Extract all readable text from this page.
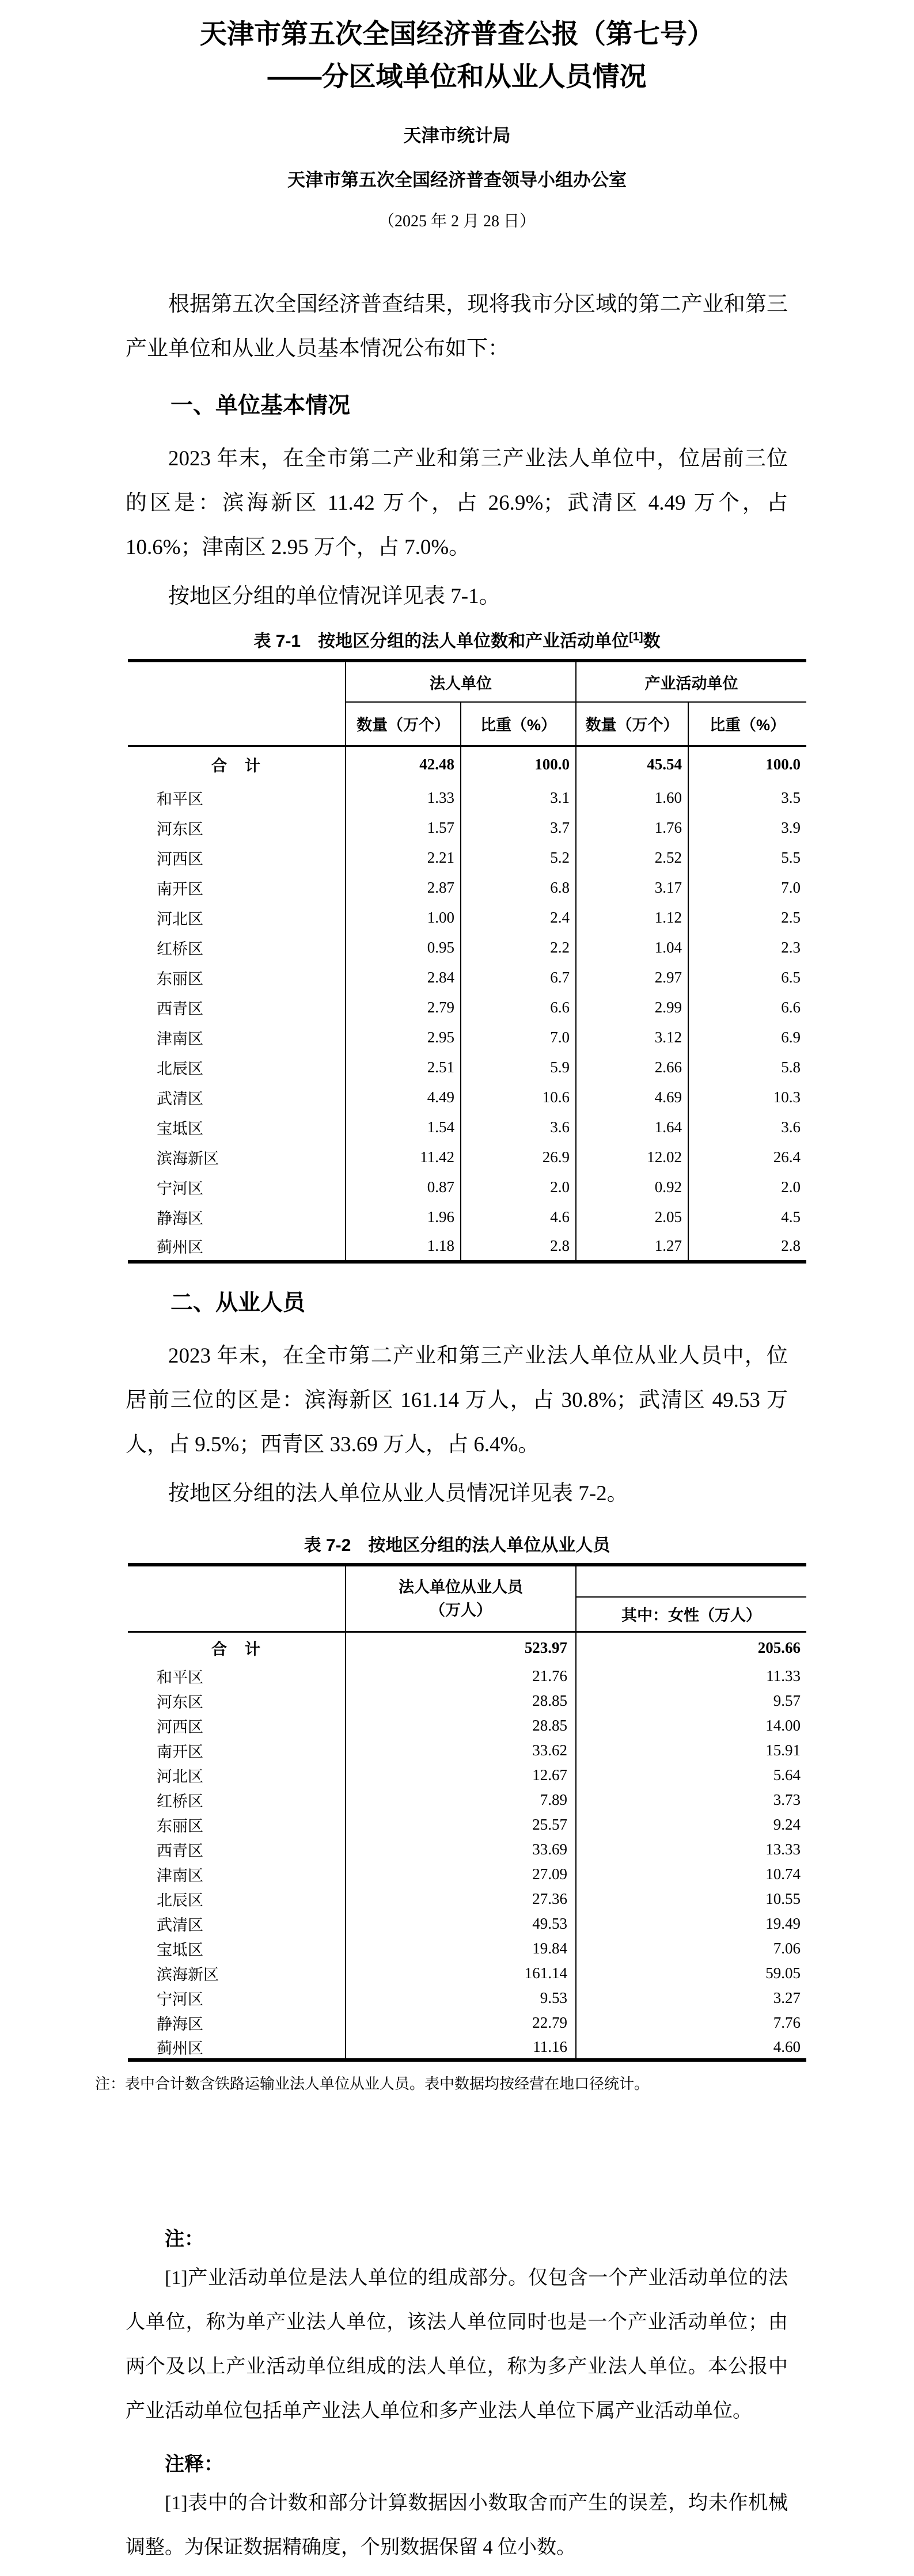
天津市第五次全国经济普查公报（第七号）
——分区域单位和从业人员情况
天津市统计局
天津市第五次全国经济普查领导小组办公室
（2025 年 2 月 28 日）

根据第五次全国经济普查结果，现将我市分区域的第二产业和第三产业单位和从业人员基本情况公布如下：

一、单位基本情况

2023 年末，在全市第二产业和第三产业法人单位中，位居前三位的区是：滨海新区 11.42 万个，占 26.9%；武清区 4.49 万个，占 10.6%；津南区 2.95 万个，占 7.0%。

按地区分组的单位情况详见表 7-1。

表 7-1　按地区分组的法人单位数和产业活动单位[1]数
	法人单位		产业活动单位	
	数量（万个）	比重（%）	数量（万个）	比重（%）
合　计	42.48	100.0	45.54	100.0
和平区	1.33	3.1	1.60	3.5
河东区	1.57	3.7	1.76	3.9
河西区	2.21	5.2	2.52	5.5
南开区	2.87	6.8	3.17	7.0
河北区	1.00	2.4	1.12	2.5
红桥区	0.95	2.2	1.04	2.3
东丽区	2.84	6.7	2.97	6.5
西青区	2.79	6.6	2.99	6.6
津南区	2.95	7.0	3.12	6.9
北辰区	2.51	5.9	2.66	5.8
武清区	4.49	10.6	4.69	10.3
宝坻区	1.54	3.6	1.64	3.6
滨海新区	11.42	26.9	12.02	26.4
宁河区	0.87	2.0	0.92	2.0
静海区	1.96	4.6	2.05	4.5
蓟州区	1.18	2.8	1.27	2.8
二、从业人员

2023 年末，在全市第二产业和第三产业法人单位从业人员中，位居前三位的区是：滨海新区 161.14 万人，占 30.8%；武清区 49.53 万人，占 9.5%；西青区 33.69 万人，占 6.4%。

按地区分组的法人单位从业人员情况详见表 7-2。

表 7-2　按地区分组的法人单位从业人员

	法人单位从业人员
（万人）	

		其中：女性（万人）
合　计	523.97	205.66
和平区	21.76	11.33
河东区	28.85	9.57
河西区	28.85	14.00
南开区	33.62	15.91
河北区	12.67	5.64
红桥区	7.89	3.73
东丽区	25.57	9.24
西青区	33.69	13.33
津南区	27.09	10.74
北辰区	27.36	10.55
武清区	49.53	19.49
宝坻区	19.84	7.06
滨海新区	161.14	59.05
宁河区	9.53	3.27
静海区	22.79	7.76
蓟州区	11.16	4.60
注：表中合计数含铁路运输业法人单位从业人员。表中数据均按经营在地口径统计。
注：

[1]产业活动单位是法人单位的组成部分。仅包含一个产业活动单位的法人单位，称为单产业法人单位，该法人单位同时也是一个产业活动单位；由两个及以上产业活动单位组成的法人单位，称为多产业法人单位。本公报中产业活动单位包括单产业法人单位和多产业法人单位下属产业活动单位。

注释：

[1]表中的合计数和部分计算数据因小数取舍而产生的误差，均未作机械调整。为保证数据精确度，个别数据保留 4 位小数。
